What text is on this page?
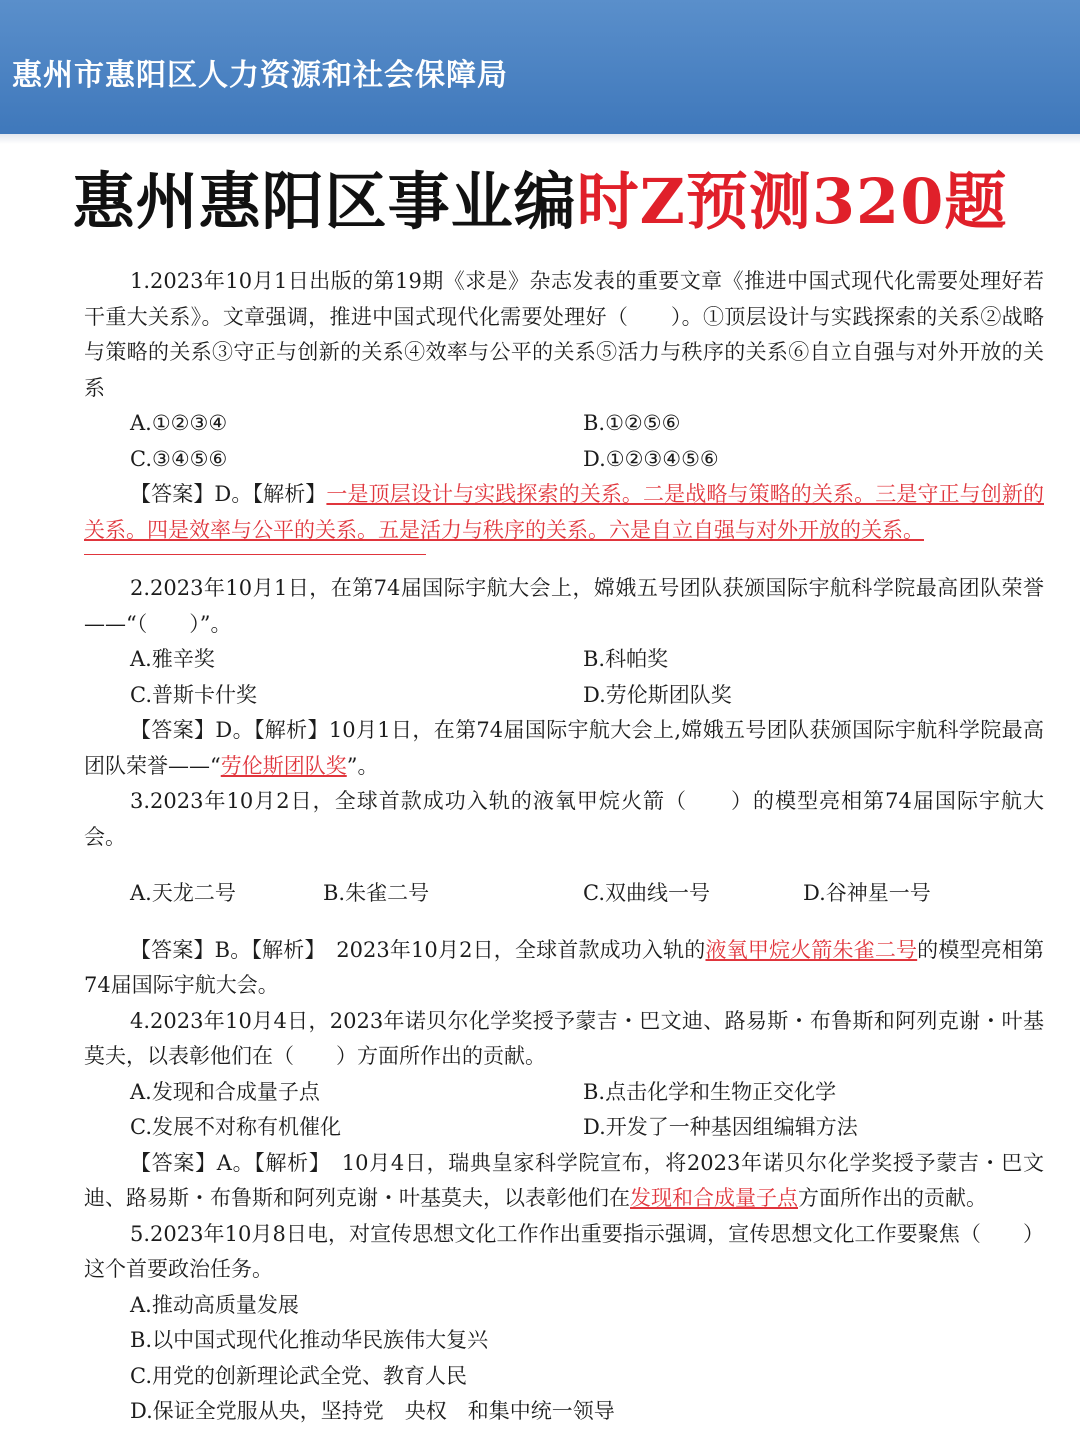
惠州市惠阳区人力资源和社会保障局
惠州惠阳区事业编时Z预测320题

1.2023年10月1日出版的第19期《求是》杂志发表的重要文章《推进中国式现代化需要处理好若干重大关系》。文章强调，推进中国式现代化需要处理好（　　）。①顶层设计与实践探索的关系②战略与策略的关系③守正与创新的关系④效率与公平的关系⑤活力与秩序的关系⑥自立自强与对外开放的关系

A.①②③④	B.①②⑤⑥

C.③④⑤⑥	D.①②③④⑤⑥

【答案】D。【解析】一是顶层设计与实践探索的关系。二是战略与策略的关系。三是守正与创新的关系。四是效率与公平的关系。五是活力与秩序的关系。六是自立自强与对外开放的关系。

2.2023年10月1日，在第74届国际宇航大会上，嫦娥五号团队获颁国际宇航科学院最高团队荣誉——“（　　）”。

A.雅辛奖	B.科帕奖

C.普斯卡什奖	D.劳伦斯团队奖

【答案】D。【解析】10月1日，在第74届国际宇航大会上,嫦娥五号团队获颁国际宇航科学院最高团队荣誉——“劳伦斯团队奖”。

3.2023年10月2日，全球首款成功入轨的液氧甲烷火箭（　　）的模型亮相第74届国际宇航大会。

A.天龙二号	B.朱雀二号	C.双曲线一号	D.谷神星一号

【答案】B。【解析】　2023年10月2日，全球首款成功入轨的液氧甲烷火箭朱雀二号的模型亮相第74届国际宇航大会。

4.2023年10月4日，2023年诺贝尔化学奖授予蒙吉・巴文迪、路易斯・布鲁斯和阿列克谢・叶基莫夫，以表彰他们在（　　）方面所作出的贡献。

A.发现和合成量子点	B.点击化学和生物正交化学

C.发展不对称有机催化	D.开发了一种基因组编辑方法

【答案】A。【解析】　10月4日，瑞典皇家科学院宣布，将2023年诺贝尔化学奖授予蒙吉・巴文迪、路易斯・布鲁斯和阿列克谢・叶基莫夫，以表彰他们在发现和合成量子点方面所作出的贡献。

5.2023年10月8日电，对宣传思想文化工作作出重要指示强调，宣传思想文化工作要聚焦（　　）这个首要政治任务。

A.推动高质量发展

B.以中国式现代化推动华民族伟大复兴

C.用党的创新理论武全党、教育人民

D.保证全党服从央，坚持党　央权　和集中统一领导
